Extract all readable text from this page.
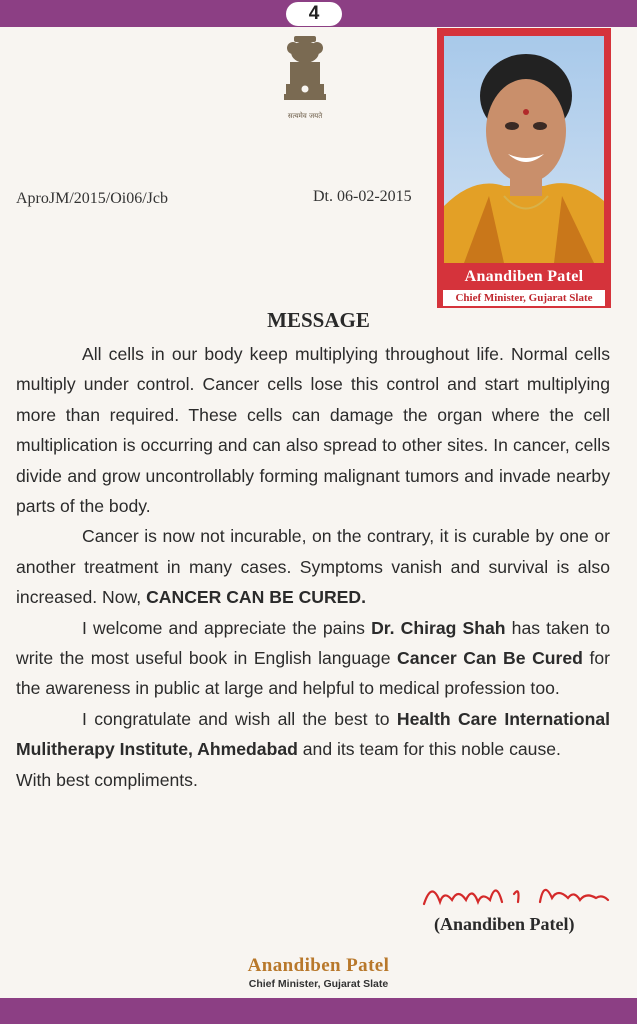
4
सत्यमेव जयते
AproJM/2015/Oi06/Jcb	Dt. 06-02-2015
Anandiben Patel
Chief Minister, Gujarat Slate
MESSAGE

All cells in our body keep multiplying throughout life. Normal cells multiply under control. Cancer cells lose this control and start multiplying more than required. These cells can damage the organ where the cell multiplication is occurring and can also spread to other sites. In cancer, cells divide and grow uncontrollably forming malignant tumors and invade nearby parts of the body.

Cancer is now not incurable, on the contrary, it is curable by one or another treatment in many cases. Symptoms vanish and survival is also increased. Now, CANCER CAN BE CURED.

I welcome and appreciate the pains Dr. Chirag Shah has taken to write the most useful book in English language Cancer Can Be Cured for the awareness in public at large and helpful to medical profession too.

I congratulate and wish all the best to Health Care International Mulitherapy Institute, Ahmedabad and its team for this noble cause.

With best compliments.

(Anandiben Patel)
Anandiben Patel
Chief Minister, Gujarat Slate
